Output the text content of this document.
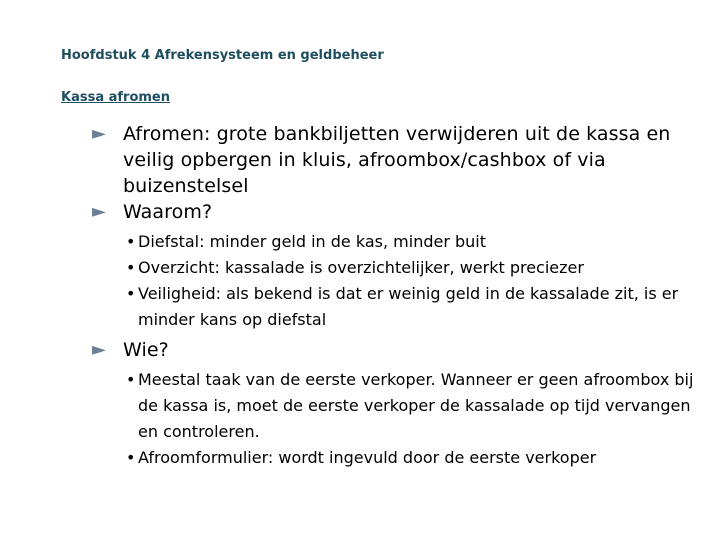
Hoofdstuk 4 Afrekensysteem en geldbeheer
Kassa afromen
► Afromen: grote bankbiljetten verwijderen uit de kassa en veilig opbergen in kluis, afroombox/cashbox of via buizenstelsel
► Waarom?
• Diefstal: minder geld in de kas, minder buit
• Overzicht: kassalade is overzichtelijker, werkt preciezer
• Veiligheid: als bekend is dat er weinig geld in de kassalade zit, is er minder kans op diefstal
► Wie?
• Meestal taak van de eerste verkoper. Wanneer er geen afroombox bij de kassa is, moet de eerste verkoper de kassalade op tijd vervangen en controleren.
• Afroomformulier: wordt ingevuld door de eerste verkoper
